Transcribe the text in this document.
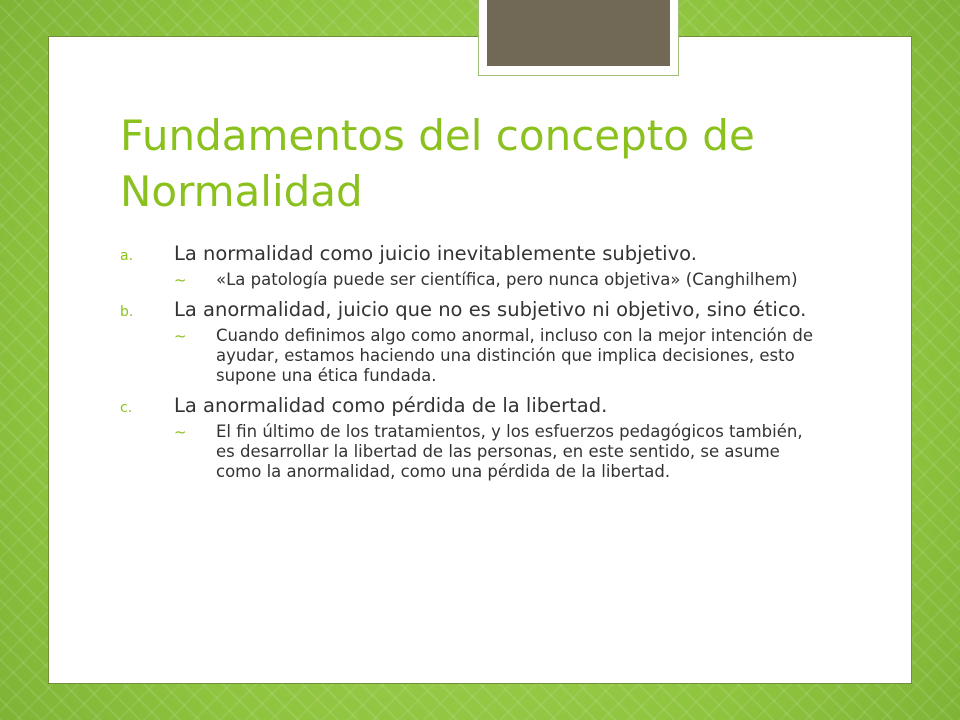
Fundamentos del concepto de Normalidad
a. La normalidad como juicio inevitablemente subjetivo.
~ «La patología puede ser científica, pero nunca objetiva» (Canghilhem)
b. La anormalidad, juicio que no es subjetivo ni objetivo, sino ético.
~ Cuando definimos algo como anormal, incluso con la mejor intención de ayudar, estamos haciendo una distinción que implica decisiones, esto supone una ética fundada.
c. La anormalidad como pérdida de la libertad.
~ El fin último de los tratamientos, y los esfuerzos pedagógicos también, es desarrollar la libertad de las personas, en este sentido, se asume como la anormalidad, como una pérdida de la libertad.
